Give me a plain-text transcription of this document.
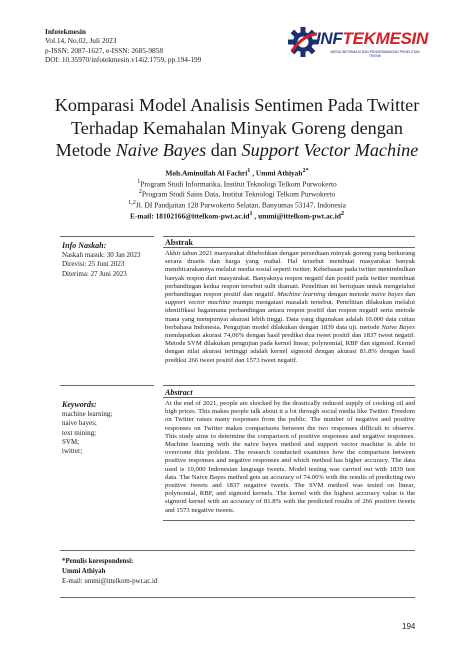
Infotekmesin
Vol.14, No.02, Juli 2023
p-ISSN: 2087-1627, e-ISSN: 2685-9858
DOI: 10.35970/infotekmesin.v14i2.1759, pp.194-199
INFTEKMESIN
MEDIA INFORMASI DAN PENGEMBANGAN PENELITIAN TEKNIK
Komparasi Model Analisis Sentimen Pada Twitter
Terhadap Kemahalan Minyak Goreng dengan
Metode Naive Bayes dan Support Vector Machine
Moh.Aminullah Al Fachri$^1$ , Ummi Athiyah$^{2*}$
$^1$Program Studi Informatika, Institut Teknologi Telkom Purwokerto
$^2$Program Studi Sains Data, Institut Teknologi Telkom Purwokerto
$^{1,2}$Jl. DI Pandjaitan 128 Purwokerto Selatan, Banyumas 53147, Indonesia
E-mail: $18102166@ittelkom-pwt.ac.id^1$ , $ummi@ittelkom-pwt.ac.id^2$
Info Naskah:
Naskah masuk: 30 Jan 2023
Direvisi: 25 Juni 2023
Diterima: 27 Juni 2023
Abstrak
Akhir tahun 2021 masyarakat dihebohkan dengan persediaan minyak goreng yang berkurang secara drastis dan harga yang mahal. Hal tersebut membuat masyarakat banyak membicarakannya melalui media sosial seperti twitter. Kebebasan pada twitter menimbulkan banyak respon dari masyarakat. Banyaknya respon negatif dan positif pada twitter membuat perbandingan kedua respon tersebut sulit diamati. Penelitian ini bertujuan untuk mengetahui perbandingan respon positif dan negatif. Machine learning dengan metode naive bayes dan support vector machine mampu mengatasi masalah tersebut. Penelitian dilakukan melalui identifikasi bagaimana perbandingan antara respon positif dan respon negatif serta metode mana yang mempunyai akurasi lebih tinggi. Data yang digunakan adalah 10.000 data cuitan berbahasa Indonesia. Pengujian model dilakukan dengan 1839 data uji. metode Naive Bayes mendapatkan akurasi 74,06% dengan hasil prediksi dua tweet positif dan 1837 tweet negatif. Metode SVM dilakukan pengujian pada kernel linear, polynomial, RBF dan sigmoid. Kernel dengan nilai akurasi tertinggi adalah kernel sigmoid dengan akurasi 81.8% dengan hasil prediksi 266 tweet positif dan 1573 tweet negatif.
Keywords:
machine learning;
naive bayes;
text mining;
SVM;
twitter;
Abstract
At the end of 2021, people are shocked by the drastically reduced supply of cooking oil and high prices. This makes people talk about it a lot through social media like Twitter. Freedom on Twitter raises many responses from the public. The number of negative and positive responses on Twitter makes comparisons between the two responses difficult to observe. This study aims to determine the comparison of positive responses and negative responses. Machine learning with the naive bayes method and support vector machine is able to overcome this problem. The research conducted examines how the comparison between positive responses and negative responses and which method has higher accuracy. The data used is 10,000 Indonesian language tweets. Model testing was carried out with 1839 test data. The Naive Bayes method gets an accuracy of 74.06% with the results of predicting two positive tweets and 1837 negative tweets. The SVM method was tested on linear, polynomial, RBF, and sigmoid kernels. The kernel with the highest accuracy value is the sigmoid kernel with an accuracy of 81.8% with the predicted results of 266 positive tweets and 1573 negative tweets.
*Penulis korespondensi:
Ummi Athiyah
E-mail: ummi@ittelkom-pwt.ac.id
194
